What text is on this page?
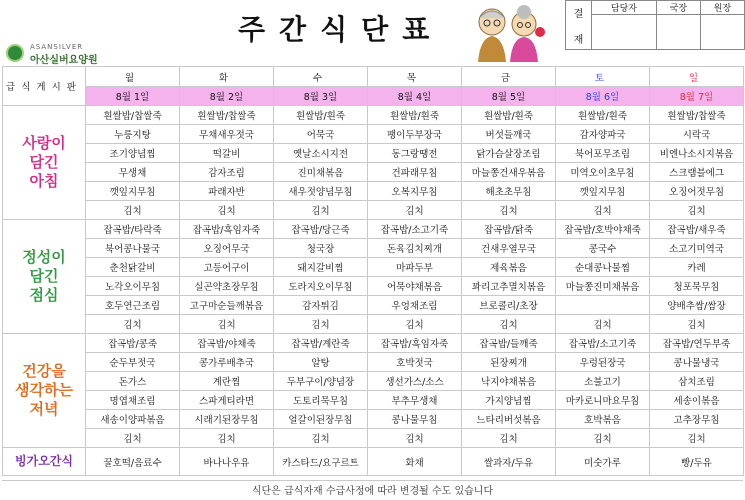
ASANSILVER
아산실버요양원
주간식단표	결

재	담당자	국장	원장

급식게시판	월	화	수	목	금	토	일
	8월 1일	8월 2일	8월 3일	8월 4일	8월 5일	8월 6일	8월 7일
사랑이
담긴
아침	흰쌀밥/찹쌀죽	흰쌀밥/찹쌀죽	흰쌀밥/흰죽	흰쌀밥/흰죽	흰쌀밥/흰죽	흰쌀밥/흰죽	흰쌀밥/찹쌀죽
	누룽지탕	무채새우젓국	어묵국	팽이두부장국	버섯들깨국	감자양파국	시락국
	조기양념찜	떡갈비	옛날소시지전	동그랑땡전	닭가슴살장조림	북어포무조림	비엔나소시지볶음
	무생채	감자조림	진미채볶음	건파래무침	마늘쫑건새우볶음	미역오이초무침	스크램블에그
	깻잎지무침	파래자반	새우젓양념무침	오복지무침	해초초무침	깻잎지무침	오징어젓무침
	김치	김치	김치	김치	김치	김치	김치
정성이
담긴
점심	잡곡밥/타락죽	잡곡밥/흑임자죽	잡곡밥/당근죽	잡곡밥/소고기죽	잡곡밥/닭죽	잡곡밥/호박야채죽	잡곡밥/새우죽
	북어콩나물국	오징어무국	청국장	돈육김치찌개	건새우열무국	콩국수	소고기미역국
	춘천닭갈비	고등어구이	돼지갈비찜	마파두부	제육볶음	순대콩나물찜	카레
	노각오이무침	실곤약초장무침	도라지오이무침	어묵야채볶음	꽈리고추멸치볶음	마늘쫑진미채볶음	청포묵무침
	호두연근조림	고구마순들깨볶음	감자튀김	우엉채조림	브로콜리/초장		양배추쌈/쌈장
	김치	김치	김치	김치	김치	김치	김치
건강을
생각하는
저녁	잡곡밥/콩죽	잡곡밥/야채죽	잡곡밥/계란죽	잡곡밥/흑임자죽	잡곡밥/들깨죽	잡곡밥/소고기죽	잡곡밥/연두부죽
	순두부젓국	콩가루배추국	알탕	호박젓국	된장찌개	우렁된장국	콩나물냉국
	돈가스	계란찜	두부구이/양념장	생선가스/소스	낙지야채볶음	소불고기	삼치조림
	명엽채조림	스파게티라면	도토리묵무침	부추무생채	가지양념찜	마카로니마요무침	세송이볶음
	새송이양파볶음	시래기된장무침	얼갈이된장무침	콩나물무침	느타리버섯볶음	호박볶음	고추장무침
	김치	김치	김치	김치	김치	김치	김치
빙가오간식	꿀호떡/음료수	바나나우유	카스타드/요구르트	화채	쌀과자/두유	미숫가루	빵/두유
식단은 급식자재 수급사정에 따라 변경될 수도 있습니다
